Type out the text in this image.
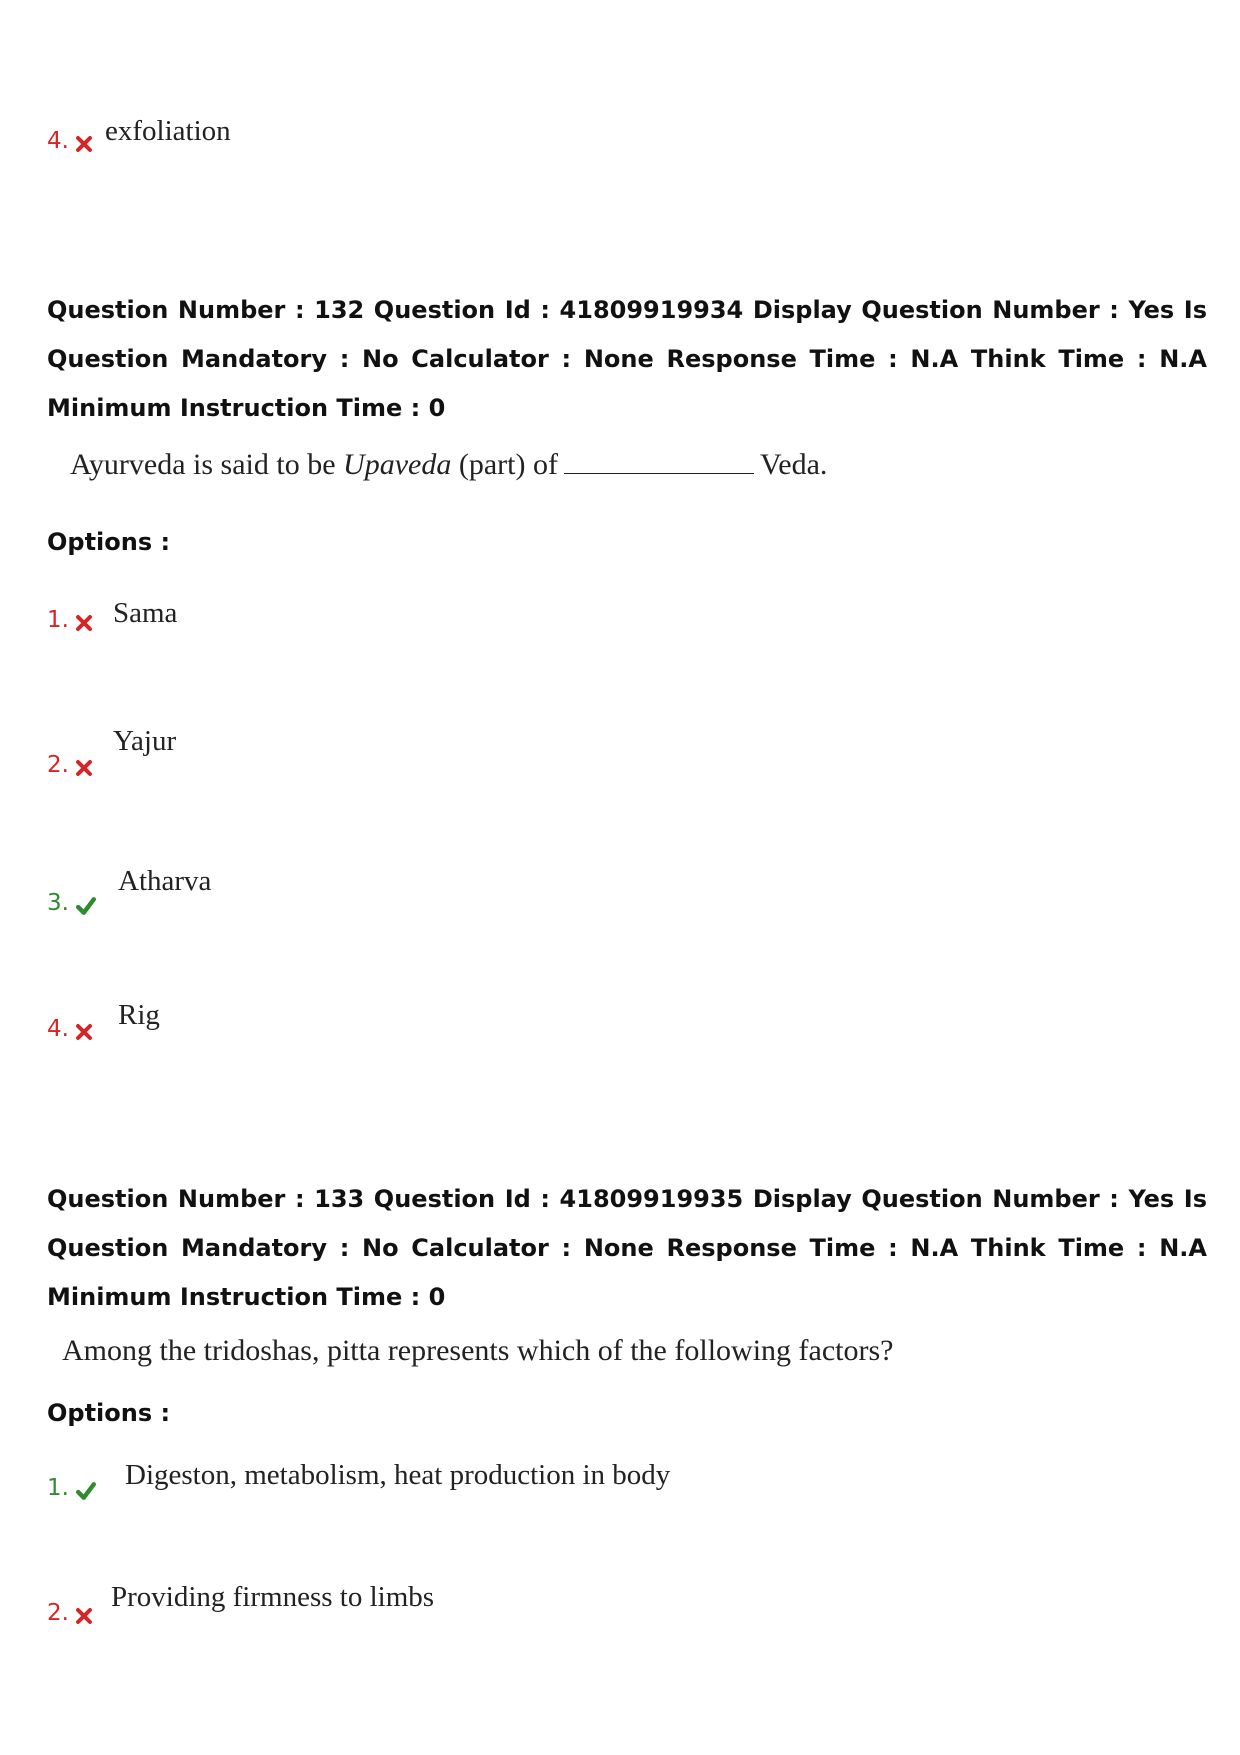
4.	exfoliation
Question Number : 132 Question Id : 41809919934 Display Question Number : Yes Is Question Mandatory : No Calculator : None Response Time : N.A Think Time : N.A Minimum Instruction Time : 0
Ayurveda is said to be Upaveda (part) of	Veda.
Options :
1.	Sama
2.
Yajur
3.
Atharva
4.	Rig
Question Number : 133 Question Id : 41809919935 Display Question Number : Yes Is Question Mandatory : No Calculator : None Response Time : N.A Think Time : N.A Minimum Instruction Time : 0
Among the tridoshas, pitta represents which of the following factors?
Options :
1.	Digeston, metabolism, heat production in body
2.	Providing firmness to limbs
